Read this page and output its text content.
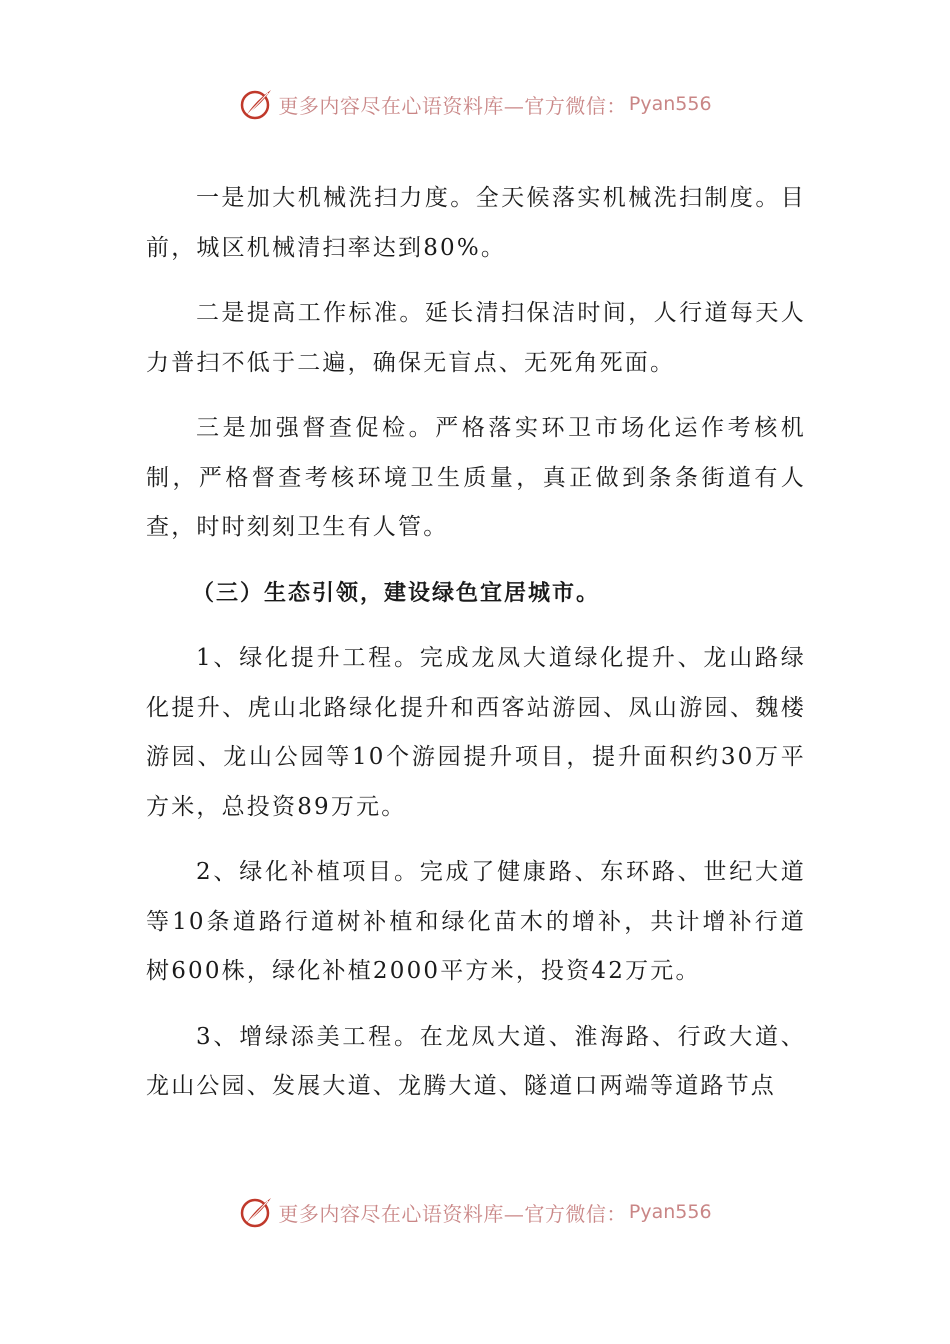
更多内容尽在心语资料库—官方微信： Pyan556

一是加大机械洗扫力度。全天候落实机械洗扫制度。目前，城区机械清扫率达到80%。

二是提高工作标准。延长清扫保洁时间，人行道每天人力普扫不低于二遍，确保无盲点、无死角死面。

三是加强督查促检。严格落实环卫市场化运作考核机制，严格督查考核环境卫生质量，真正做到条条街道有人查，时时刻刻卫生有人管。

（三）生态引领，建设绿色宜居城市。

1、绿化提升工程。完成龙凤大道绿化提升、龙山路绿化提升、虎山北路绿化提升和西客站游园、凤山游园、魏楼游园、龙山公园等10个游园提升项目，提升面积约30万平方米，总投资89万元。

2、绿化补植项目。完成了健康路、东环路、世纪大道等10条道路行道树补植和绿化苗木的增补，共计增补行道树600株，绿化补植2000平方米，投资42万元。

3、增绿添美工程。在龙凤大道、淮海路、行政大道、龙山公园、发展大道、龙腾大道、隧道口两端等道路节点

更多内容尽在心语资料库—官方微信： Pyan556
